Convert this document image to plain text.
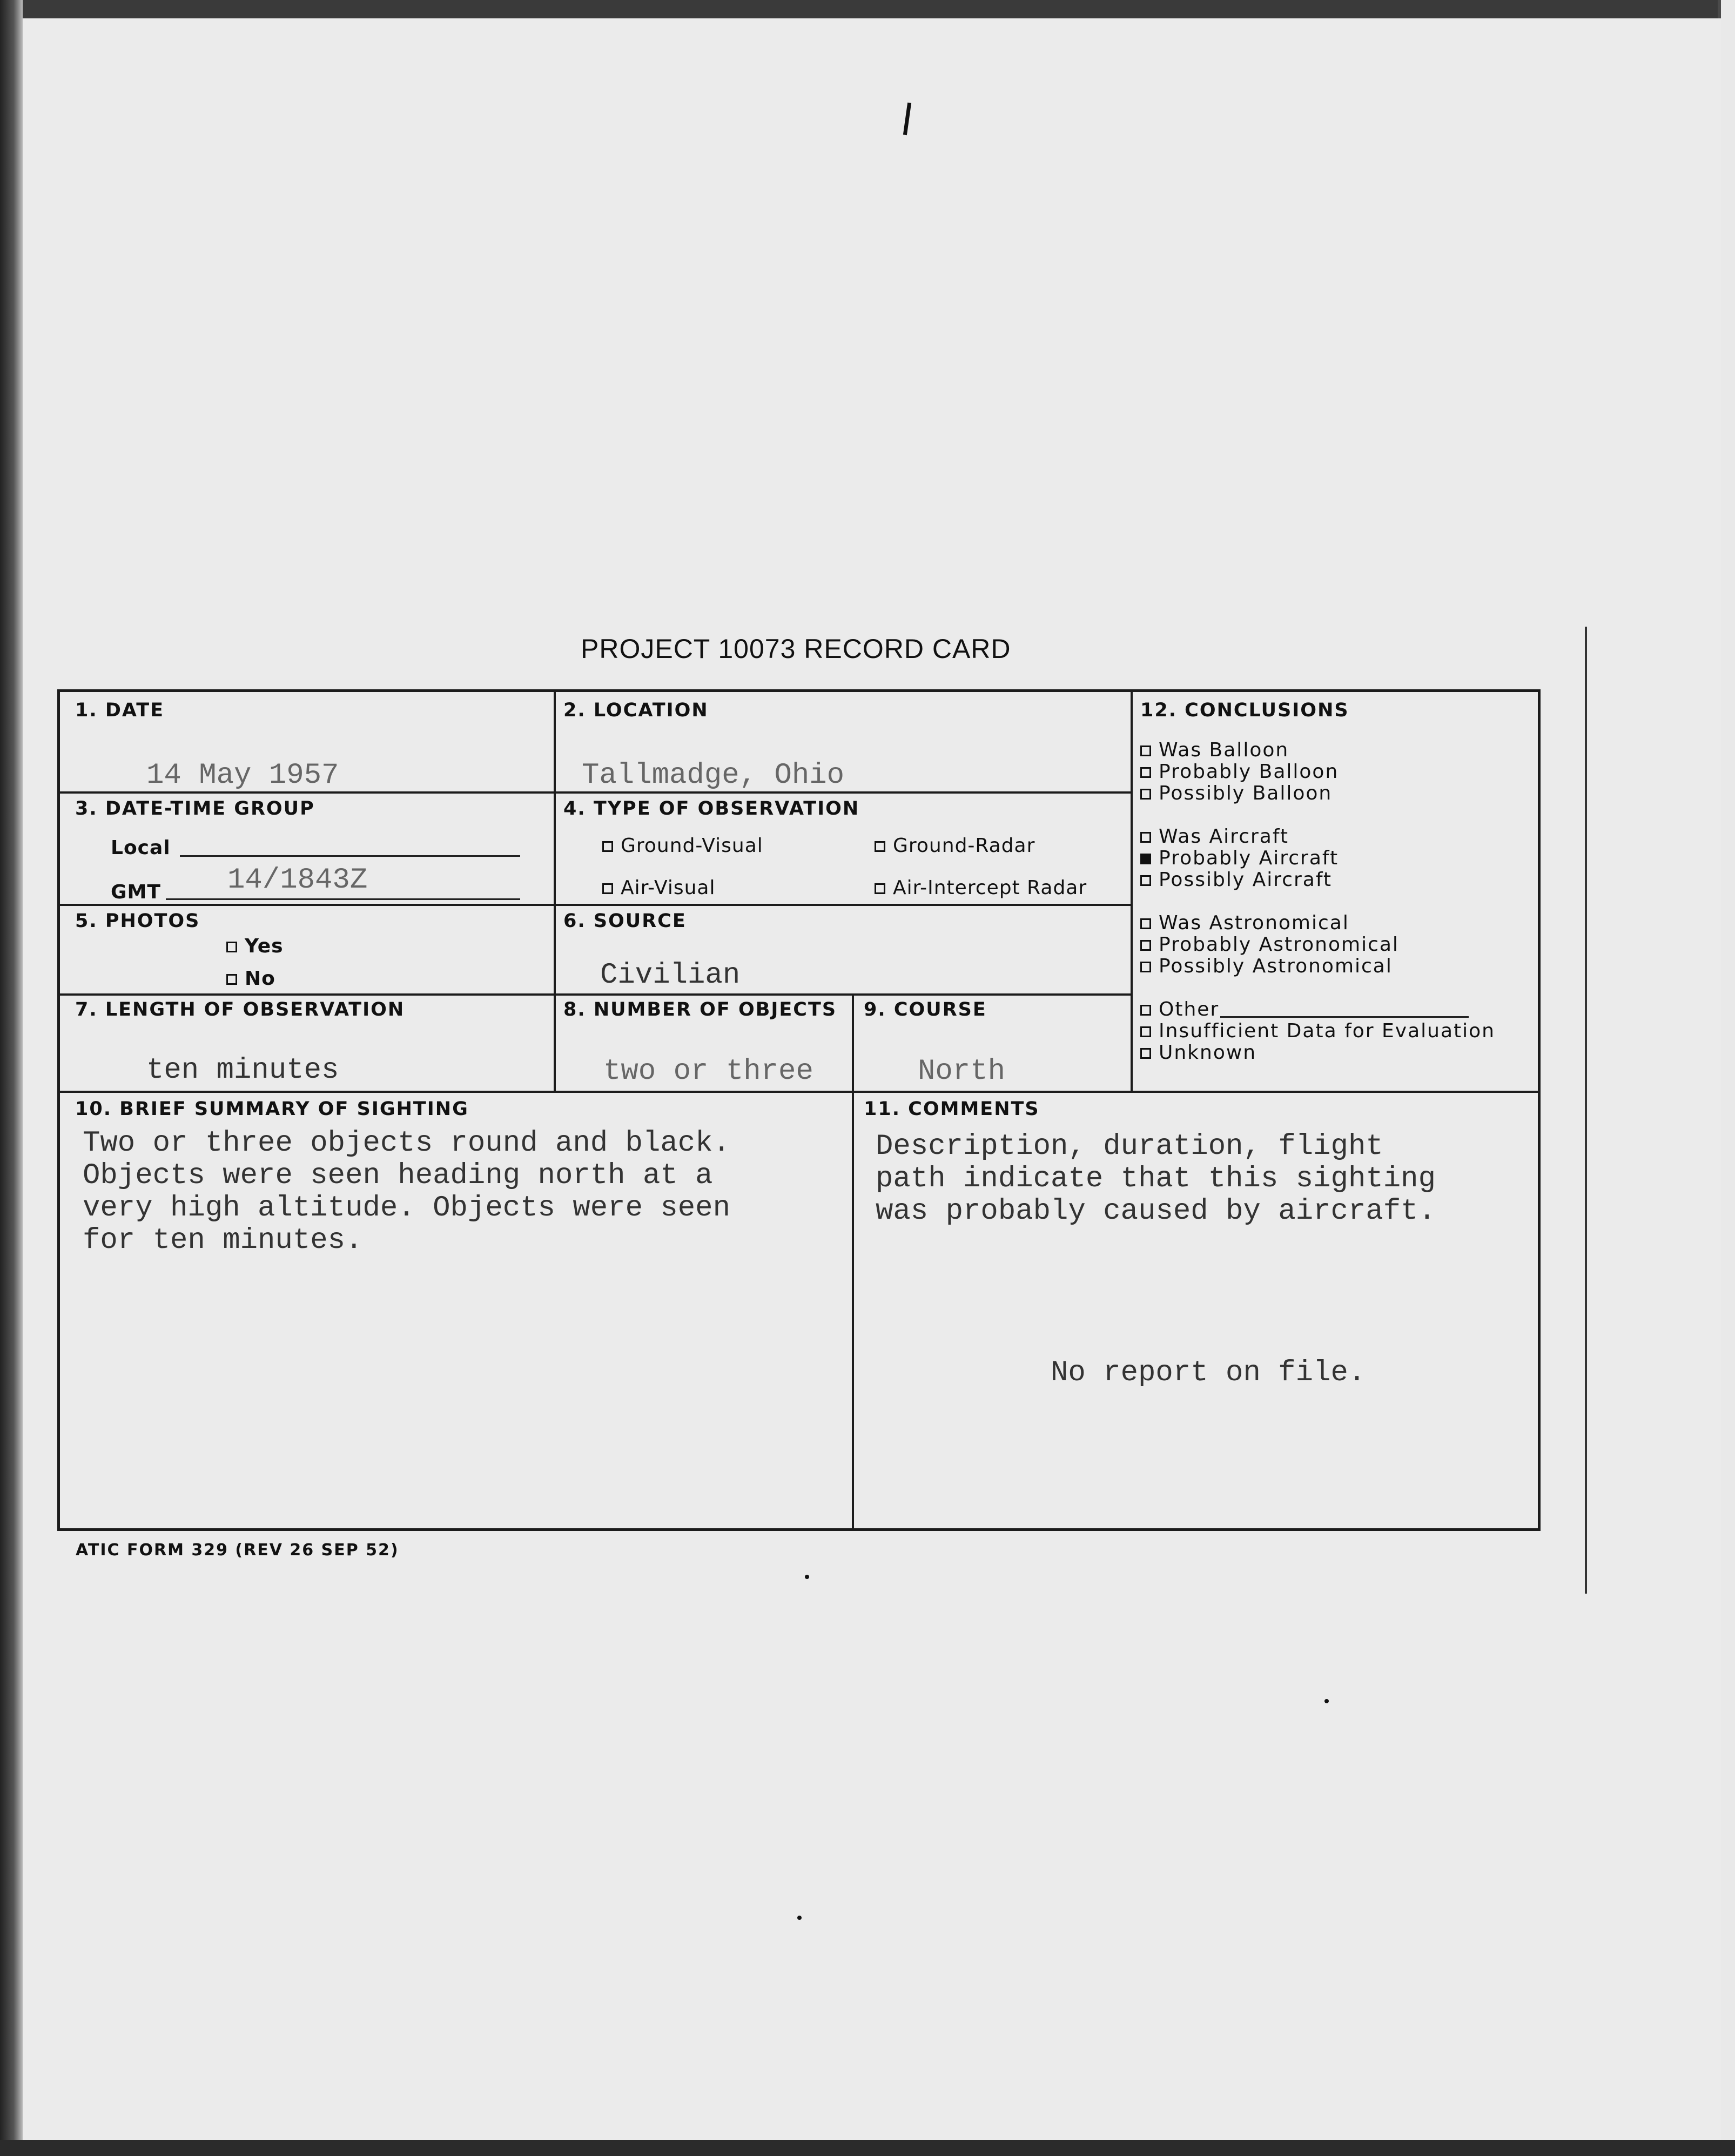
PROJECT 10073 RECORD CARD
1. DATE
14 May 1957
2. LOCATION
Tallmadge, Ohio
3. DATE-TIME GROUP
Local
GMT 14/1843Z
4. TYPE OF OBSERVATION
Ground-Visual	Ground-Radar
Air-Visual	Air-Intercept Radar
5. PHOTOS
Yes
No
6. SOURCE
Civilian
7. LENGTH OF OBSERVATION
ten minutes
8. NUMBER OF OBJECTS
two or three
9. COURSE
North
12. CONCLUSIONS
Was Balloon
Probably Balloon
Possibly Balloon
Was Aircraft
Probably Aircraft
Possibly Aircraft
Was Astronomical
Probably Astronomical
Possibly Astronomical
Other
Insufficient Data for Evaluation
Unknown
10. BRIEF SUMMARY OF SIGHTING
Two or three objects round and black.
Objects were seen heading north at a
very high altitude. Objects were seen
for ten minutes.
11. COMMENTS
Description, duration, flight
path indicate that this sighting
was probably caused by aircraft.
No report on file.
ATIC FORM 329 (REV 26 SEP 52)
